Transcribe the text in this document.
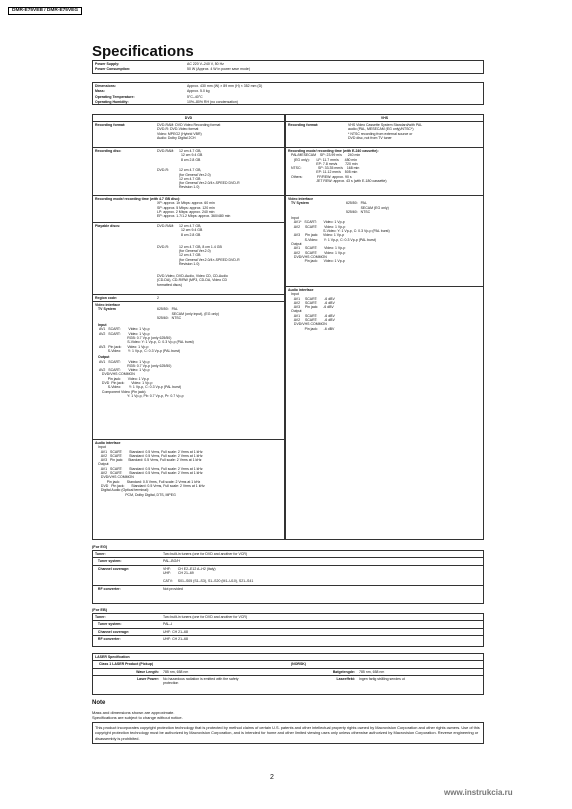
DMR-E75VEB / DMR-E75VEG
Specifications
Power Supply:	AC 220 V–240 V, 50 Hz
Power Consumption:	50 W (Approx. 4 W in power save mode)
Dimensions:	Approx. 430 mm (W) × 89 mm (H) × 352 mm (D)
Mass:	Approx. 5.0 kg
Operating Temperature:	5°C–40°C
Operating Humidity:	10%–80% RH (no condensation)
DVD
Recording format:	DVD-RAM: DVD Video Recording format
DVD-R: DVD-Video format
Video: MPEG2 (Hybrid VBR)
Audio: Dolby Digital 2CH
Recording disc:	DVD-RAM:	12 cm 4.7 GB,
12 cm 9.4 GB
8 cm 2.8 GB
DVD-R:	12 cm 4.7 GB,
(for General Ver.2.0)
12 cm 4.7 GB
(for General Ver.2.0/4×-SPEED DVD-R
Revision 1.0)
Recording mode/ recording time (with 4.7 GB disc):
XP: approx. 1h Mbps: approx. 60 min
SP: approx. 5 Mbps: approx. 120 min
LP: approx. 2 Mbps: approx. 240 min
EP: approx. 1.7/1.2 Mbps: approx. 360/480 min
Playable discs:	DVD-RAM:	12 cm 4.7 GB,
12 cm 9.4 GB
8 cm 2.8 GB
DVD-R:	12 cm 4.7 GB, 8 cm 1.4 GB
(for General Ver.2.0)
12 cm 4.7 GB
(for General Ver.2.0/4×-SPEED DVD-R
Revision 1.0)
DVD-Video, DVD-Audio, Video CD, CD-Audio
(CD-DA), CD-R/RW (MP3, CD-DA, Video CD
formatted discs)
Region code:	2
Video interface
TV System	625/50:   PAL
SECAM (only input), (EG only)
525/60:   NTSC
Input
AV1   SCART:        Video: 1 Vp-p
AV2   SCART:        Video: 1 Vp-p
RGB: 0.7 Vp-p (only 625/50)
S-Video: Y: 1 Vp-p, C: 0.3 Vp-p (PAL burst)
AV3   Pin jack:      Video: 1 Vp-p
S-Video:       Y: 1 Vp-p, C: 0.3 Vp-p (PAL burst)
Output
AV1   SCART:        Video: 1 Vp-p
RGB: 0.7 Vp-p (only 625/50)
AV2   SCART:        Video: 1 Vp-p
DVD/VHS COMMON
Pin jack:       Video: 1 Vp-p
DVD  Pin jack:       Video: 1 Vp-p
S-Video:        Y: 1 Vp-p, C: 0.3 Vp-p (PAL burst)
Component Video (Pin jack):
Y: 1 Vp-p, Pb: 0.7 Vp-p, Pr: 0.7 Vp-p
Audio interface
Input
AV1   SCART:       Standard: 0.5 Vrms, Full scale: 2 Vrms at 1 kHz
AV2   SCART:       Standard: 0.5 Vrms, Full scale: 2 Vrms at 1 kHz
AV3   Pin jack:     Standard: 0.5 Vrms, Full scale: 2 Vrms at 1 kHz
Output
AV1   SCART:       Standard: 0.5 Vrms, Full scale: 2 Vrms at 1 kHz
AV2   SCART:       Standard: 0.5 Vrms, Full scale: 2 Vrms at 1 kHz
DVD/VHS COMMON
Pin jack:       Standard: 0.5 Vrms, Full scale: 2 Vrms at 1 kHz
DVD   Pin jack:       Standard: 0.5 Vrms, Full scale: 2 Vrms at 1 kHz
Digital Audio (Optical terminal):
PCM, Dolby Digital, DTS, MPEG
VHS
Recording format:	VHS Video Cassette System Standard/with PAL
audio (PAL, MESECAM (EG only)/NTSC*)
* NTSC recording from external source or
DVD disc, not from TV tuner
Recording mode/ recording time (with E-240 cassette):
PAL/MESECAM    SP: 23.99 m/s      240 min
(EG only):       LP: 11.7 mm/s      480 min
EP: 7.8 mm/s        720 min
NTSC:                 SP: 33.35 mm/s    168 min
EP: 11.12 mm/s    505 min
Others:               FF/REW: approx. 90 s
JET REW: approx. 43 s (with E-180 cassette)
Video interface
TV System	625/50:   PAL
SECAM (EG only)
525/60:   NTSC
Input
AV1*   SCART:       Video: 1 Vp-p
AV2     SCART:       Video: 1 Vp-p
S-Video: Y: 1 Vp-p, C: 0.3 Vp-p (PAL burst)
AV3     Pin jack:     Video: 1 Vp-p
S-Video:      Y: 1 Vp-p, C: 0.3 Vp-p (PAL burst)
Output
AV1     SCART:       Video: 1 Vp-p
AV2     SCART:       Video: 1 Vp-p
DVD/VHS COMMON
Pin jack:      Video: 1 Vp-p
Audio interface
Input
AV1     SCART:       -6 dBV
AV2     SCART:       -6 dBV
AV3     Pin jack:     -6 dBV
Output
AV1     SCART:       -6 dBV
AV2     SCART:       -6 dBV
DVD/VHS COMMON
Pin jack:      -6 dBV
(For EG)
Tuner:	Two built-in tuners (one for DVD and another for VCR)
Tuner system:	PAL–BG/H
Channel coverage:	VHF:       CH E2–E12 A–H2 (Italy)
UHF:       CH 21–69

CATV:     S01–S05 (S1–S3), S1–S20 (M1–U10), S21–S41
RF converter:	Not provided
(For EB)
Tuner:	Two built-in tuners (one for DVD and another for VCR)
Tuner system:	PAL–I
Channel coverage:	UHF: CH 21–68
RF converter:	UHF: CH 21–68
LASER Specification
Class 1 LASER Product (Pickup)	(NORSK)
Wave Length:	785 nm, 658 nm	Bølgelengde:	785 nm, 658 nm
Laser Power:	No hazardous radiation is emitted with the safety
protection
Laseeffekt:	Ingen farlig stråling sendes ut
Note
Mass and dimensions shown are approximate.
Specifications are subject to change without notice.
This product incorporates copyright protection technology that is protected by method claims of certain U.S. patents and other intellectual property rights owned by Macrovision Corporation and other rights owners. Use of this copyright protection technology must be authorized by Macrovision Corporation, and is intended for home and other limited viewing uses only unless otherwise authorized by Macrovision Corporation. Reverse engineering or disassembly is prohibited.
2
www.instrukcia.ru
